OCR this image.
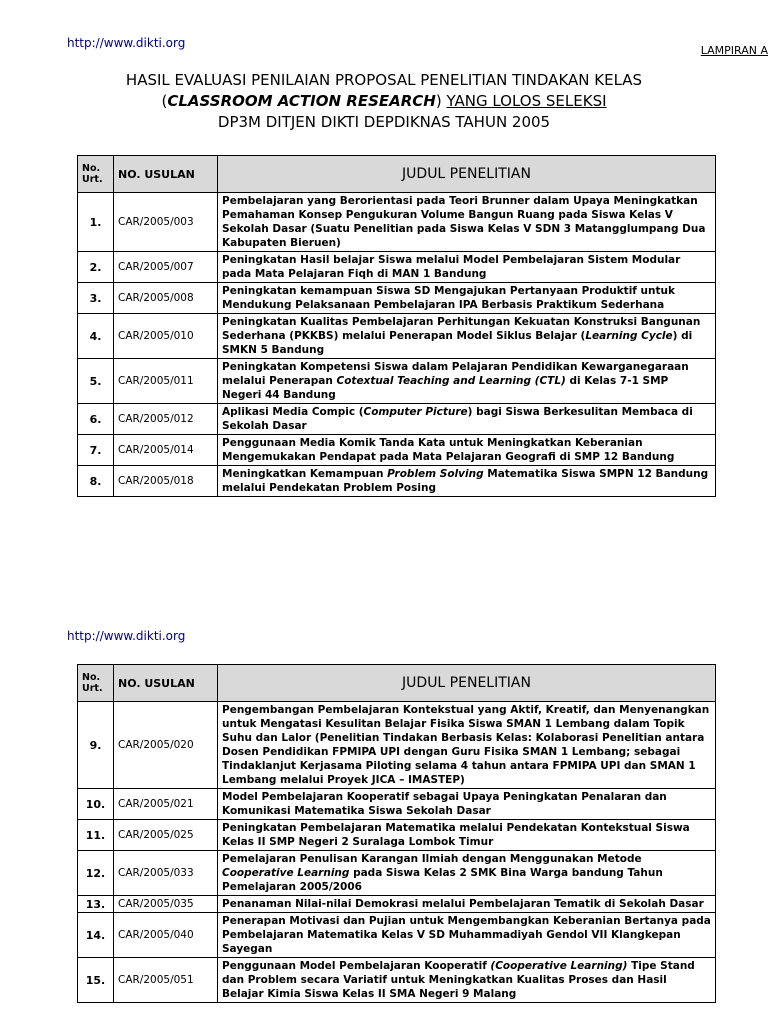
http://www.dikti.org
LAMPIRAN A
HASIL EVALUASI PENILAIAN PROPOSAL PENELITIAN TINDAKAN KELAS
(CLASSROOM ACTION RESEARCH) YANG LOLOS SELEKSI
DP3M DITJEN DIKTI DEPDIKNAS TAHUN 2005
No.
Urt.	NO. USULAN	JUDUL PENELITIAN
1.	CAR/2005/003	Pembelajaran yang Berorientasi pada Teori Brunner dalam Upaya Meningkatkan Pemahaman Konsep Pengukuran Volume Bangun Ruang pada Siswa Kelas V Sekolah Dasar (Suatu Penelitian pada Siswa Kelas V SDN 3 Matangglumpang Dua Kabupaten Bieruen)
2.	CAR/2005/007	Peningkatan Hasil belajar Siswa melalui Model Pembelajaran Sistem Modular pada Mata Pelajaran Fiqh di MAN 1 Bandung
3.	CAR/2005/008	Peningkatan kemampuan Siswa SD Mengajukan Pertanyaan Produktif untuk Mendukung Pelaksanaan Pembelajaran IPA Berbasis Praktikum Sederhana
4.	CAR/2005/010	Peningkatan Kualitas Pembelajaran Perhitungan Kekuatan Konstruksi Bangunan Sederhana (PKKBS) melalui Penerapan Model Siklus Belajar (Learning Cycle) di SMKN 5 Bandung
5.	CAR/2005/011	Peningkatan Kompetensi Siswa dalam Pelajaran Pendidikan Kewarganegaraan melalui Penerapan Cotextual Teaching and Learning (CTL) di Kelas 7-1 SMP Negeri 44 Bandung
6.	CAR/2005/012	Aplikasi Media Compic (Computer Picture) bagi Siswa Berkesulitan Membaca di Sekolah Dasar
7.	CAR/2005/014	Penggunaan Media Komik Tanda Kata untuk Meningkatkan Keberanian Mengemukakan Pendapat pada Mata Pelajaran Geografi di SMP 12 Bandung
8.	CAR/2005/018	Meningkatkan Kemampuan Problem Solving Matematika Siswa SMPN 12 Bandung melalui Pendekatan Problem Posing
http://www.dikti.org
No.
Urt.	NO. USULAN	JUDUL PENELITIAN
9.	CAR/2005/020	Pengembangan Pembelajaran Kontekstual yang Aktif, Kreatif, dan Menyenangkan untuk Mengatasi Kesulitan Belajar Fisika Siswa SMAN 1 Lembang dalam Topik Suhu dan Lalor (Penelitian Tindakan Berbasis Kelas: Kolaborasi Penelitian antara Dosen Pendidikan FPMIPA UPI dengan Guru Fisika SMAN 1 Lembang; sebagai Tindaklanjut Kerjasama Piloting selama 4 tahun antara FPMIPA UPI dan SMAN 1 Lembang melalui Proyek JICA – IMASTEP)
10.	CAR/2005/021	Model Pembelajaran Kooperatif sebagai Upaya Peningkatan Penalaran dan Komunikasi Matematika Siswa Sekolah Dasar
11.	CAR/2005/025	Peningkatan Pembelajaran Matematika melalui Pendekatan Kontekstual Siswa Kelas II SMP Negeri 2 Suralaga Lombok Timur
12.	CAR/2005/033	Pemelajaran Penulisan Karangan Ilmiah dengan Menggunakan Metode Cooperative Learning pada Siswa Kelas 2 SMK Bina Warga bandung Tahun Pemelajaran 2005/2006
13.	CAR/2005/035	Penanaman Nilai-nilai Demokrasi melalui Pembelajaran Tematik di Sekolah Dasar
14.	CAR/2005/040	Penerapan Motivasi dan Pujian untuk Mengembangkan Keberanian Bertanya pada Pembelajaran Matematika Kelas V SD Muhammadiyah Gendol VII Klangkepan Sayegan
15.	CAR/2005/051	Penggunaan Model Pembelajaran Kooperatif (Cooperative Learning) Tipe Stand dan Problem secara Variatif untuk Meningkatkan Kualitas Proses dan Hasil Belajar Kimia Siswa Kelas II SMA Negeri 9 Malang
